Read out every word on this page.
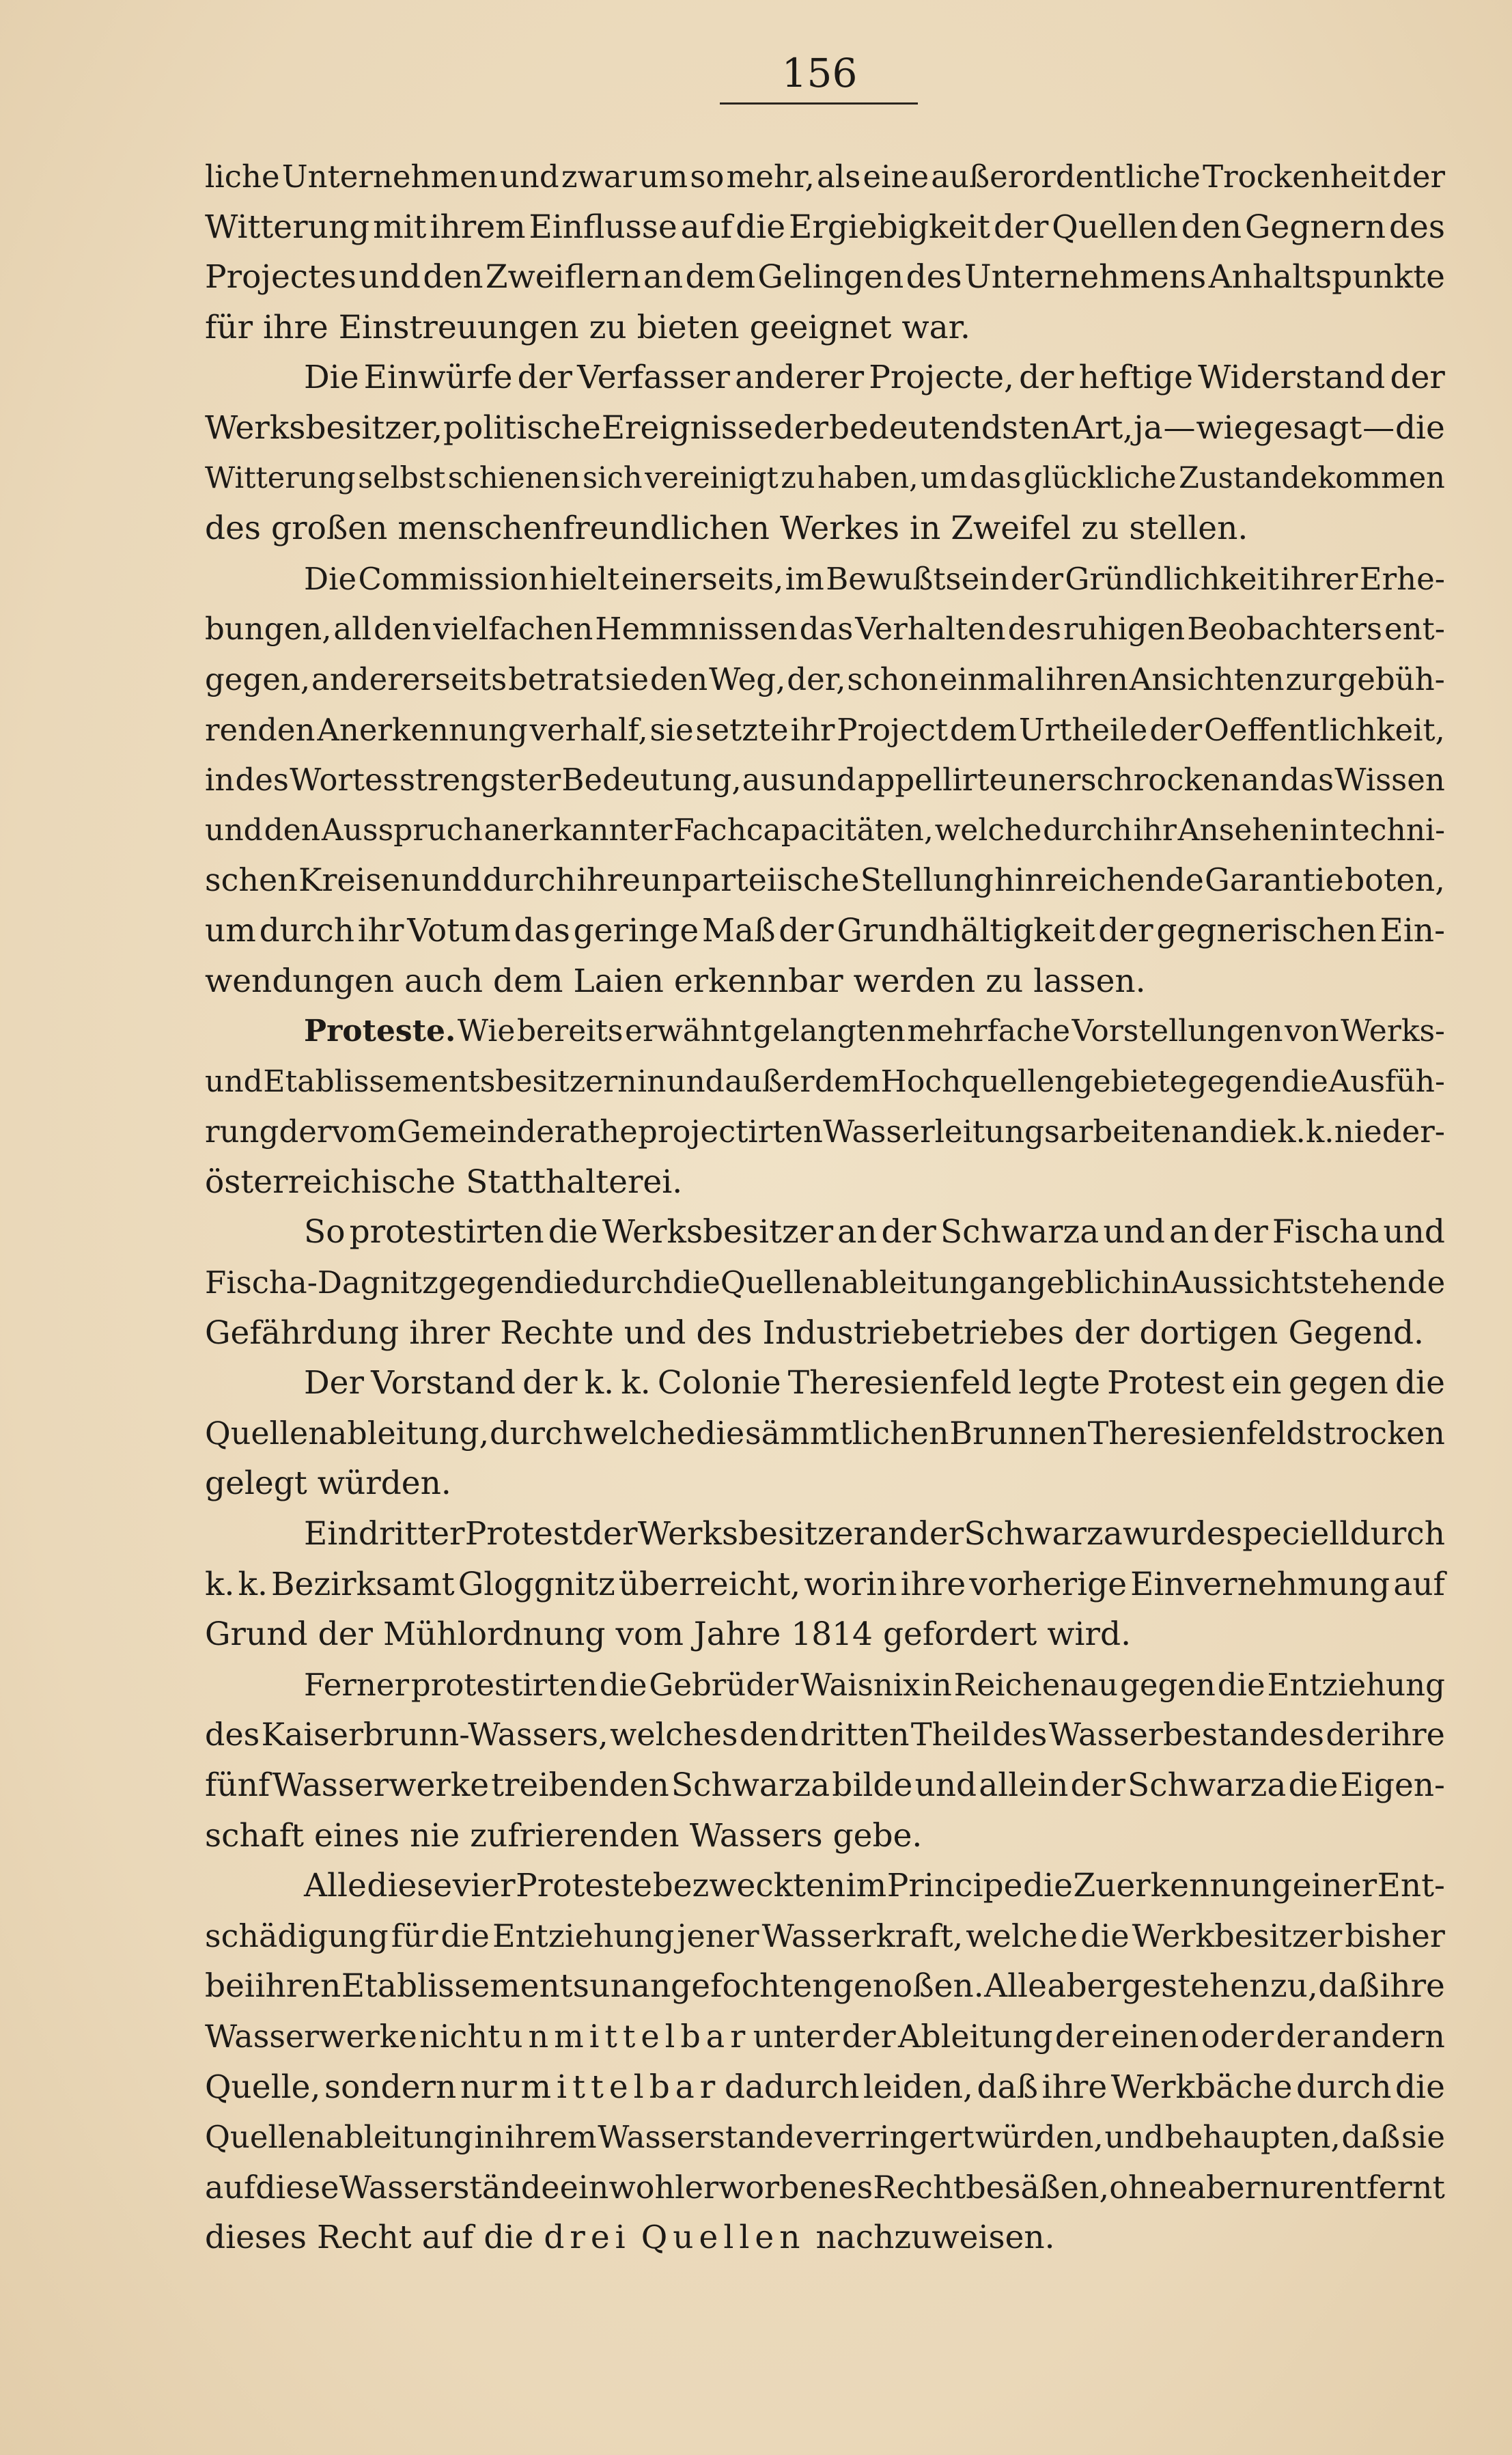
156
liche Unternehmen und zwar um so mehr, als eine außerordentliche Trockenheit der
Witterung mit ihrem Einflusse auf die Ergiebigkeit der Quellen den Gegnern des
Projectes und den Zweiflern an dem Gelingen des Unternehmens Anhaltspunkte
für ihre Einstreuungen zu bieten geeignet war.
Die Einwürfe der Verfasser anderer Projecte, der heftige Widerstand der
Werksbesitzer, politische Ereignisse der bedeutendsten Art, ja — wie gesagt — die
Witterung selbst schienen sich vereinigt zu haben, um das glückliche Zustandekommen
des großen menschenfreundlichen Werkes in Zweifel zu stellen.
Die Commission hielt einerseits, im Bewußtsein der Gründlichkeit ihrer Erhe-
bungen, all den vielfachen Hemmnissen das Verhalten des ruhigen Beobachters ent-
gegen, andererseits betrat sie den Weg, der, schon einmal ihren Ansichten zur gebüh-
renden Anerkennung verhalf, sie setzte ihr Project dem Urtheile der Oeffentlichkeit,
in des Wortes strengster Bedeutung, aus und appellirte unerschrocken an das Wissen
und den Ausspruch anerkannter Fachcapacitäten, welche durch ihr Ansehen in techni-
schen Kreisen und durch ihre unparteiische Stellung hinreichende Garantie boten,
um durch ihr Votum das geringe Maß der Grundhältigkeit der gegnerischen Ein-
wendungen auch dem Laien erkennbar werden zu lassen.
Proteste. Wie bereits erwähnt gelangten mehrfache Vorstellungen von Werks-
und Etablissementsbesitzern in und außer dem Hochquellengebiete gegen die Ausfüh-
rung der vom Gemeinderathe projectirten Wasserleitungsarbeiten an die k. k. nieder-
österreichische Statthalterei.
So protestirten die Werksbesitzer an der Schwarza und an der Fischa und
Fischa-Dagnitz gegen die durch die Quellenableitung angeblich in Aussicht stehende
Gefährdung ihrer Rechte und des Industriebetriebes der dortigen Gegend.
Der Vorstand der k. k. Colonie Theresienfeld legte Protest ein gegen die
Quellenableitung, durch welche die sämmtlichen Brunnen Theresienfelds trocken
gelegt würden.
Ein dritter Protest der Werksbesitzer an der Schwarza wurde speciell durch
k. k. Bezirksamt Gloggnitz überreicht, worin ihre vorherige Einvernehmung auf
Grund der Mühlordnung vom Jahre 1814 gefordert wird.
Ferner protestirten die Gebrüder Waisnix in Reichenau gegen die Entziehung
des Kaiserbrunn-Wassers, welches den dritten Theil des Wasserbestandes der ihre
fünf Wasserwerke treibenden Schwarza bilde und allein der Schwarza die Eigen-
schaft eines nie zufrierenden Wassers gebe.
Alle diese vier Proteste bezweckten im Principe die Zuerkennung einer Ent-
schädigung für die Entziehung jener Wasserkraft, welche die Werkbesitzer bisher
bei ihren Etablissements unangefochten genoßen. Alle aber gestehen zu, daß ihre
Wasserwerke nicht unmittelbar unter der Ableitung der einen oder der andern
Quelle, sondern nur mittelbar dadurch leiden, daß ihre Werkbäche durch die
Quellenableitung in ihrem Wasserstande verringert würden, und behaupten, daß sie
auf diese Wasserstände ein wohlerworbenes Recht besäßen, ohne aber nur entfernt
dieses Recht auf die drei Quellen nachzuweisen.
